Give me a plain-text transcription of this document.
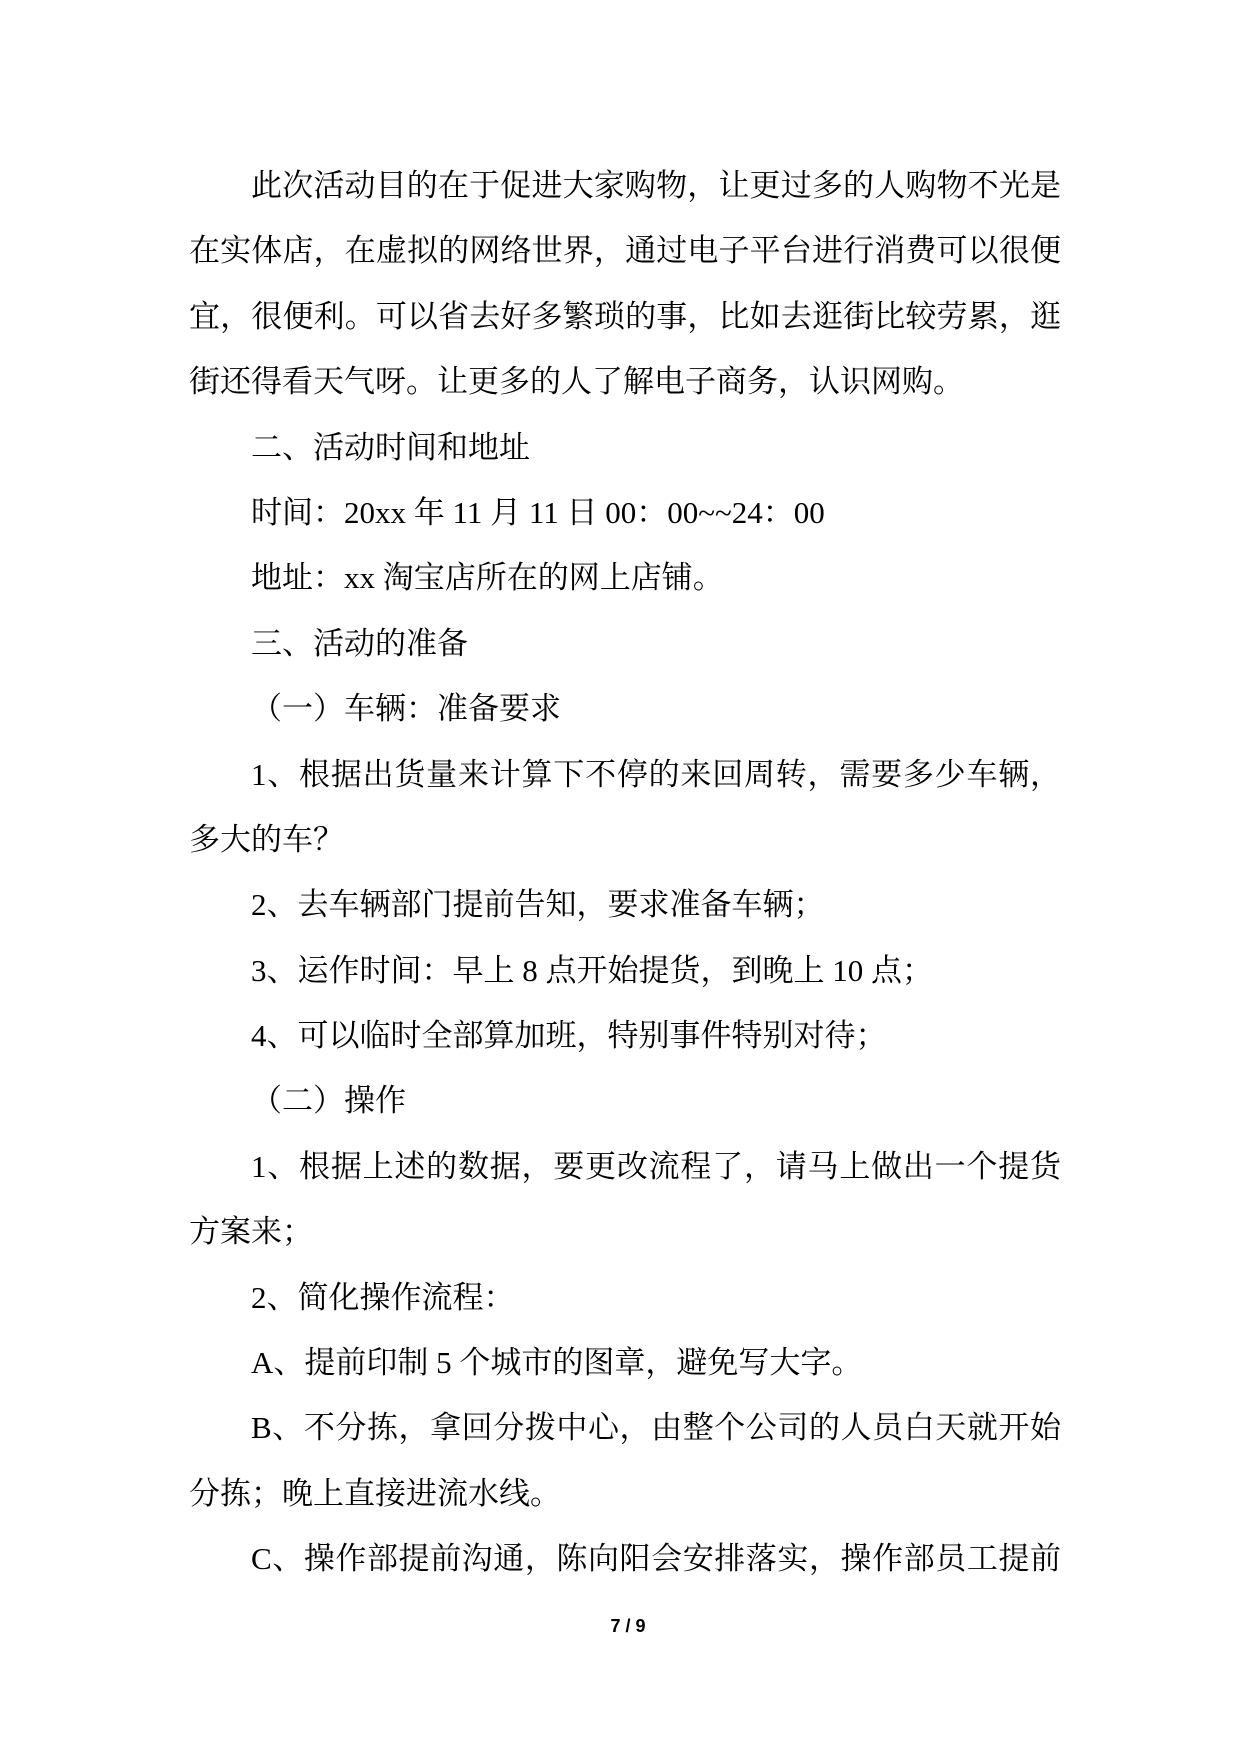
此次活动目的在于促进大家购物，让更过多的人购物不光是
在实体店，在虚拟的网络世界，通过电子平台进行消费可以很便
宜，很便利。可以省去好多繁琐的事，比如去逛街比较劳累，逛
街还得看天气呀。让更多的人了解电子商务，认识网购。
二、活动时间和地址
时间：20xx 年 11 月 11 日 00：00~~24：00
地址：xx 淘宝店所在的网上店铺。
三、活动的准备
（一）车辆：准备要求
1、根据出货量来计算下不停的来回周转，需要多少车辆，
多大的车？
2、去车辆部门提前告知，要求准备车辆；
3、运作时间：早上 8 点开始提货，到晚上 10 点；
4、可以临时全部算加班，特别事件特别对待；
（二）操作
1、根据上述的数据，要更改流程了，请马上做出一个提货
方案来；
2、简化操作流程：
A、提前印制 5 个城市的图章，避免写大字。
B、不分拣，拿回分拨中心，由整个公司的人员白天就开始
分拣；晚上直接进流水线。
C、操作部提前沟通，陈向阳会安排落实，操作部员工提前
7 / 9
